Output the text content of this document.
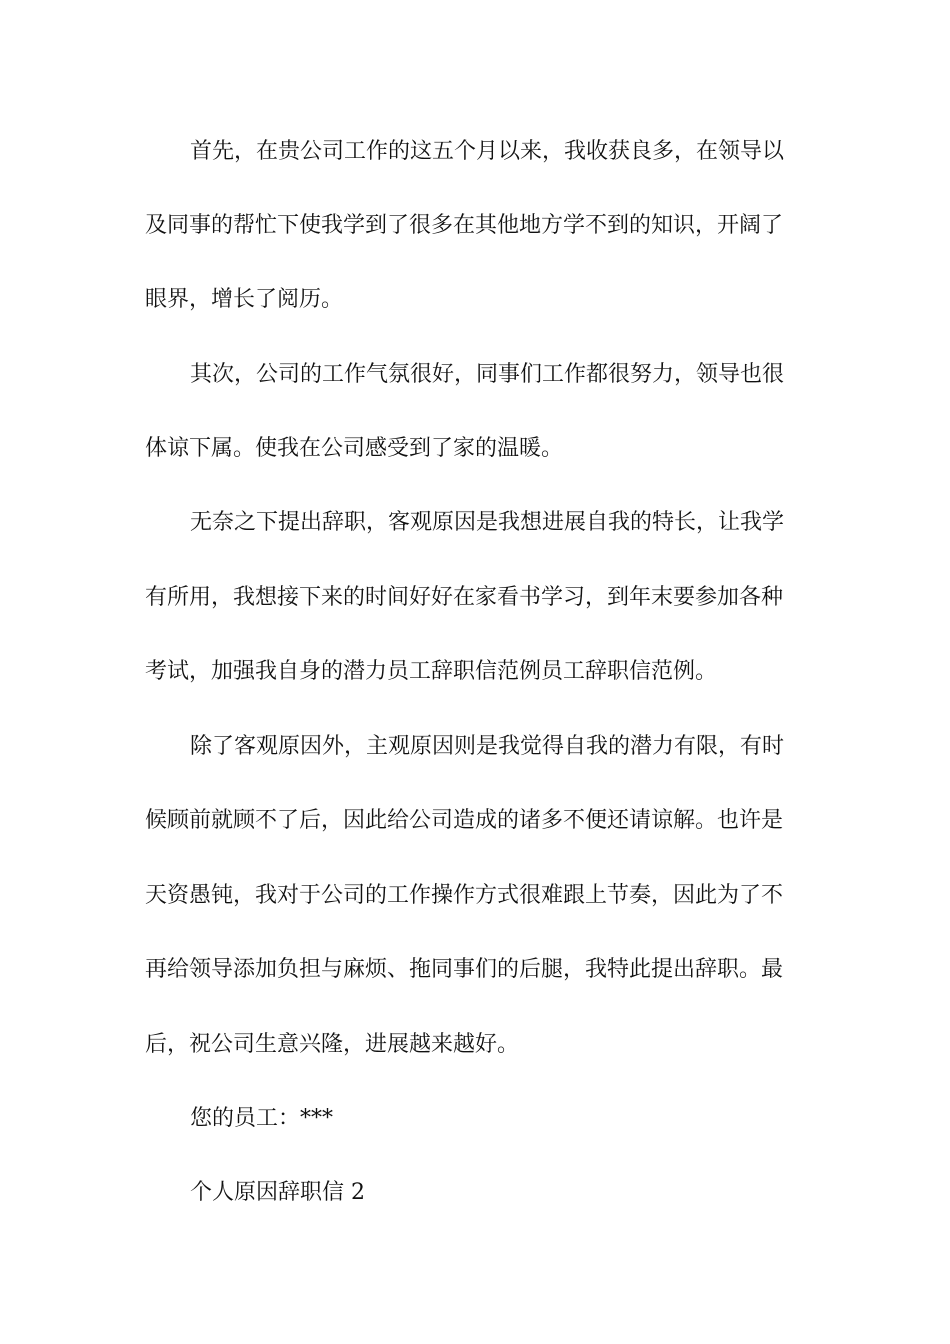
首先，在贵公司工作的这五个月以来，我收获良多，在领导以
及同事的帮忙下使我学到了很多在其他地方学不到的知识，开阔了
眼界，增长了阅历。
其次，公司的工作气氛很好，同事们工作都很努力，领导也很
体谅下属。使我在公司感受到了家的温暖。
无奈之下提出辞职，客观原因是我想进展自我的特长，让我学
有所用，我想接下来的时间好好在家看书学习，到年末要参加各种
考试，加强我自身的潜力员工辞职信范例员工辞职信范例。
除了客观原因外，主观原因则是我觉得自我的潜力有限，有时
候顾前就顾不了后，因此给公司造成的诸多不便还请谅解。也许是
天资愚钝，我对于公司的工作操作方式很难跟上节奏，因此为了不
再给领导添加负担与麻烦、拖同事们的后腿，我特此提出辞职。最
后，祝公司生意兴隆，进展越来越好。
您的员工：***
个人原因辞职信 2
